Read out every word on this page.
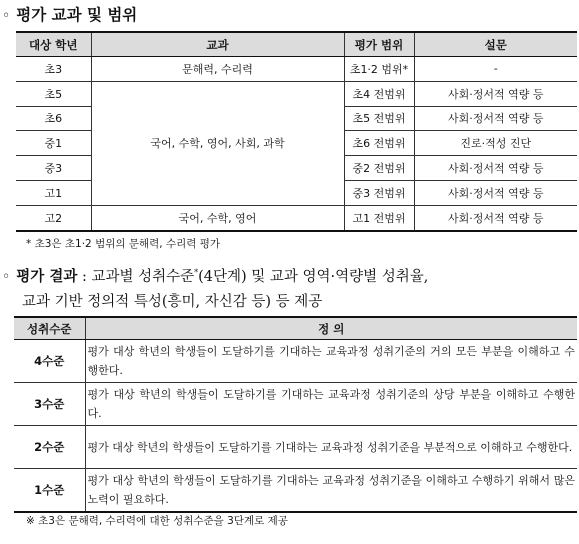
◦ 평가 교과 및 범위
대상 학년	교과	평가 범위	설문
초3	문해력, 수리력	초1·2 범위*	-
초5	국어, 수학, 영어, 사회, 과학	초4 전범위	사회·정서적 역량 등
초6		초5 전범위	사회·정서적 역량 등
중1		초6 전범위	진로·적성 진단
중3		중2 전범위	사회·정서적 역량 등
고1		중3 전범위	사회·정서적 역량 등
고2	국어, 수학, 영어	고1 전범위	사회·정서적 역량 등
* 초3은 초1·2 범위의 문해력, 수리력 평가
◦ 평가 결과 : 교과별 성취수준*(4단계) 및 교과 영역·역량별 성취율,
교과 기반 정의적 특성(흥미, 자신감 등) 등 제공
성취수준	정 의
4수준	평가 대상 학년의 학생들이 도달하기를 기대하는 교육과정 성취기준의 거의 모든 부분을 이해하고 수행한다.
3수준	평가 대상 학년의 학생들이 도달하기를 기대하는 교육과정 성취기준의 상당 부분을 이해하고 수행한다.
2수준	평가 대상 학년의 학생들이 도달하기를 기대하는 교육과정 성취기준을 부분적으로 이해하고 수행한다.
1수준	평가 대상 학년의 학생들이 도달하기를 기대하는 교육과정 성취기준을 이해하고 수행하기 위해서 많은 노력이 필요하다.
※ 초3은 문해력, 수리력에 대한 성취수준을 3단계로 제공
